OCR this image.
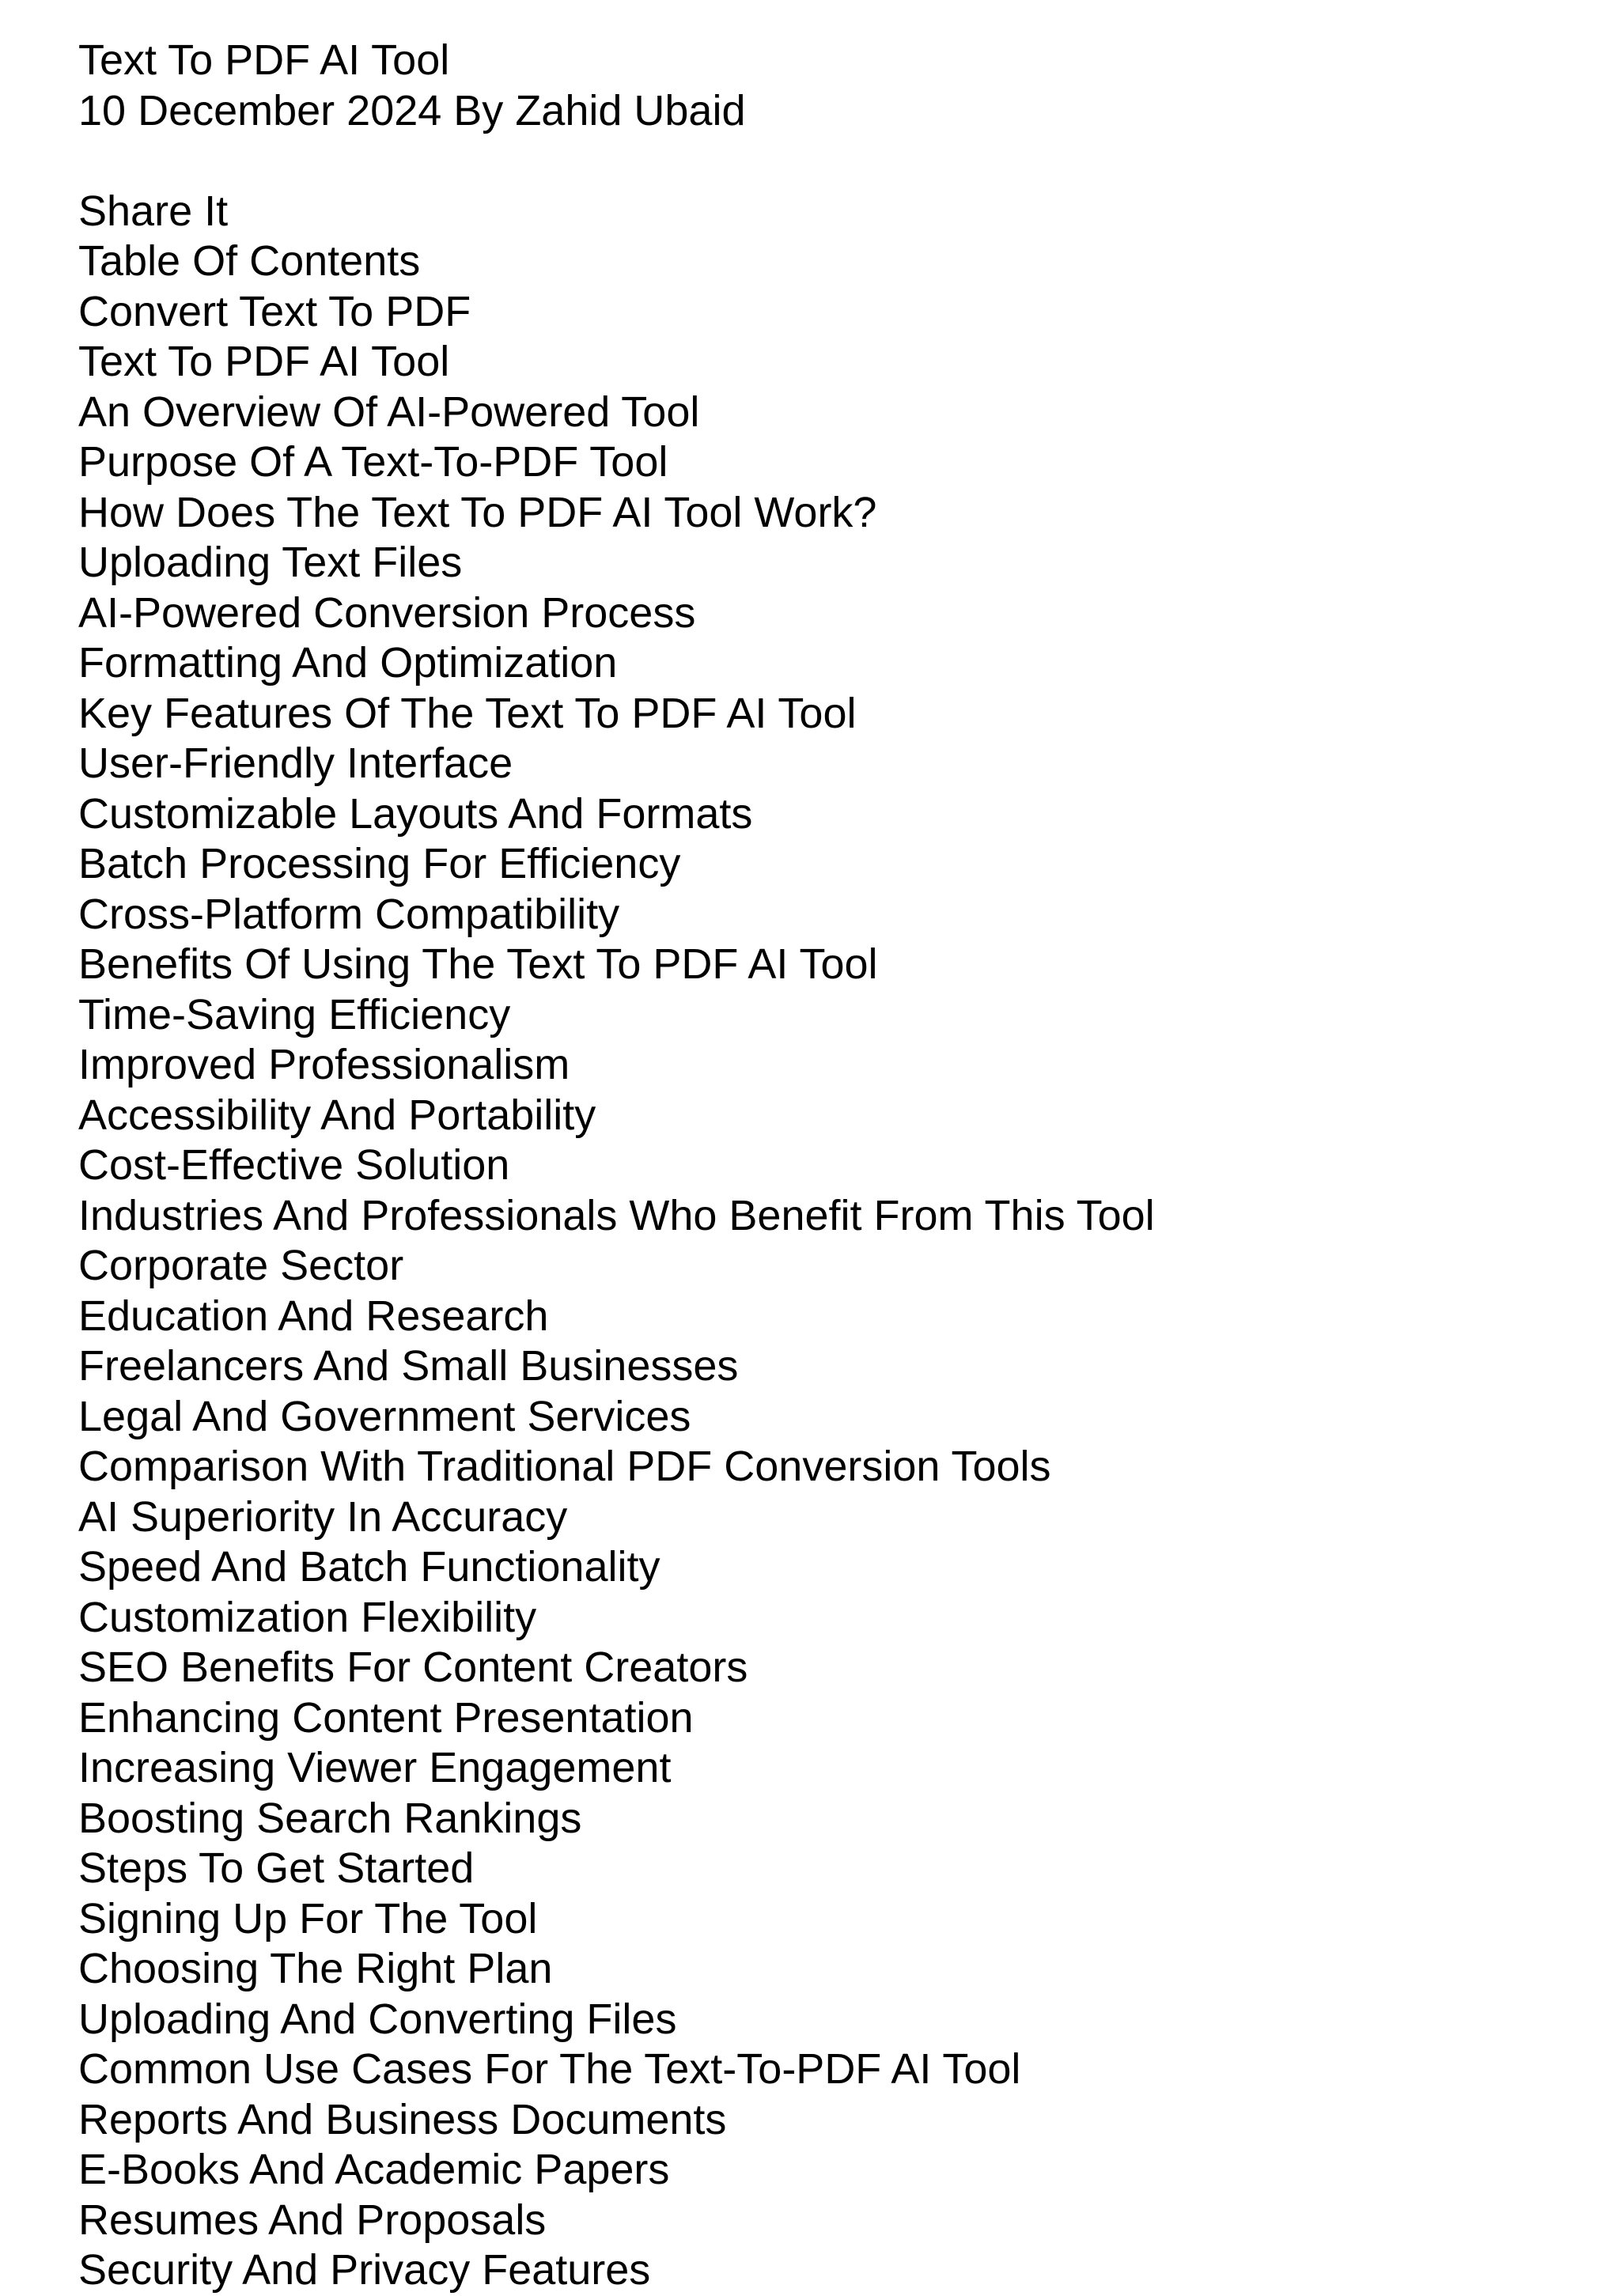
Text To PDF AI Tool
10 December 2024 By Zahid Ubaid
Share It
Table Of Contents
Convert Text To PDF
Text To PDF AI Tool
An Overview Of AI-Powered Tool
Purpose Of A Text-To-PDF Tool
How Does The Text To PDF AI Tool Work?
Uploading Text Files
AI-Powered Conversion Process
Formatting And Optimization
Key Features Of The Text To PDF AI Tool
User-Friendly Interface
Customizable Layouts And Formats
Batch Processing For Efficiency
Cross-Platform Compatibility
Benefits Of Using The Text To PDF AI Tool
Time-Saving Efficiency
Improved Professionalism
Accessibility And Portability
Cost-Effective Solution
Industries And Professionals Who Benefit From This Tool
Corporate Sector
Education And Research
Freelancers And Small Businesses
Legal And Government Services
Comparison With Traditional PDF Conversion Tools
AI Superiority In Accuracy
Speed And Batch Functionality
Customization Flexibility
SEO Benefits For Content Creators
Enhancing Content Presentation
Increasing Viewer Engagement
Boosting Search Rankings
Steps To Get Started
Signing Up For The Tool
Choosing The Right Plan
Uploading And Converting Files
Common Use Cases For The Text-To-PDF AI Tool
Reports And Business Documents
E-Books And Academic Papers
Resumes And Proposals
Security And Privacy Features
